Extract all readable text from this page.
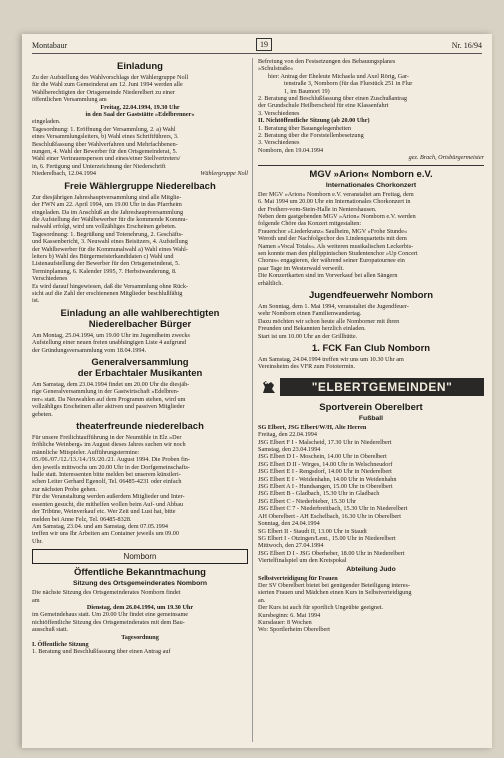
Montabaur	19	Nr. 16/94
Einladung
Zu der Aufstellung des Wahlvorschlags der Wählergruppe Noll
für die Wahl zum Gemeinderat am 12. Juni 1994 werden alle
Wahlberechtigten der Ortsgemeinde Niederelbert zu einer
öffentlichen Versammlung am
Freitag, 22.04.1994, 19.30 Uhr
in den Saal der Gaststätte »Edelbrenner«
eingeladen.
Tagesordnung: 1. Eröffnung der Versammlung, 2. a) Wahl
eines Versammlungsleiters, b) Wahl eines Schriftführers, 3.
Beschlußfassung über Wahlverfahren und Mehrfachbenen-
nungen, 4. Wahl der Bewerber für den Ortsgemeinderat, 5.
Wahl einer Vertrauensperson und eines/einer Stellvertreters/
in, 6. Fertigung und Unterzeichnung der Niederschrift
Niederelbach, 12.04.1994	Wählergruppe Noll
Freie Wählergruppe Niederelbach
Zur diesjährigen Jahreshauptversammlung sind alle Mitglie-
der FWN am 22. April 1994, um 19.00 Uhr in das Pfarrheim
eingeladen. Da im Anschluß an die Jahreshauptversammlung
die Aufstellung der Wahlbewerber für die kommende Kommu-
nalwahl erfolgt, wird um vollzähliges Erscheinen gebeten.
Tagesordnung: 1. Begrüßung und Totenehrung, 2. Geschäfts-
und Kassenbericht, 3. Neuwahl eines Beisitzers, 4. Aufstellung
der Wahlbewerber für die Kommunalwahl a) Wahl eines Wahl-
leiters b) Wahl des Bürgermeisterkandidaten c) Wahl und
Listenaufstellung der Bewerber für den Ortsgemeinderat, 5.
Terminplanung, 6. Kalender 1995, 7. Herbstwanderung, 8.
Verschiedenes
Es wird darauf hingewiesen, daß die Versammlung ohne Rück-
sicht auf die Zahl der erschienenen Mitglieder beschlußfähig
ist.
Einladung an alle wahlberechtigten
Niederelbacher Bürger
Am Montag, 25.04.1994, um 19.00 Uhr im Jugendheim zwecks
Aufstellung einer neuen freien unabhängigen Liste 4 aufgrund
der Gründungsversammlung vom 18.04.1994.
Generalversammlung
der Erbachtaler Musikanten
Am Samstag, dem 23.04.1994 findet um 20.00 Uhr die diesjäh-
rige Generalversammlung in der Gastwirtschaft »Edelbren-
ner« statt. Da Neuwahlen auf dem Programm stehen, wird um
vollzähliges Erscheinen aller aktiven und passiven Mitglieder
gebeten.
theaterfreunde niederelbach
Für unsere Freilichtaufführung in der Neumühle in Elz »Der
fröhliche Weinberg« im August dieses Jahres suchen wir noch
männliche Mitspieler. Aufführungstermine:
05./06./07./12./13./14./19./20./21. August 1994. Die Proben fin-
den jeweils mittwochs um 20.00 Uhr in der Dorfgemeinschafts-
halle statt. Interessenten bitte melden bei unserem künstleri-
schen Leiter Gerhard Egenolf, Tel. 06485-4231 oder einfach
zur nächsten Probe gehen.
Für die Veranstaltung werden außerdem Mitglieder und Inter-
essenten gesucht, die mithelfen wollen beim Auf- und Abbau
der Tribüne, Weinverkauf etc. Wer Zeit und Lust hat, bitte
melden bei Anne Felz, Tel. 06485-8328.
Am Samstag, 23.04. und am Samstag, dem 07.05.1994
treffen wir uns Ihr Arbeiten am Container jeweils um 09.00
Uhr.
Nomborn
Öffentliche Bekanntmachung
Sitzung des Ortsgemeinderates Nomborn
Die nächste Sitzung des Ortsgemeinderates Nomborn findet
am
Dienstag, dem 26.04.1994, um 19.30 Uhr
im Gemeindehaus statt. Um 20.00 Uhr findet eine gemeinsame
nichtöffentliche Sitzung des Ortsgemeinderates mit dem Bau-
ausschuß statt.
Tagesordnung
I. Öffentliche Sitzung
1. Beratung und Beschlußfassung über einen Antrag auf
Befreiung von den Festsetzungen des Bebauungsplanes
»Schulstraße«
hier: Antrag der Eheleute Michaela und Axel Rörig, Gar-
tenstraße 3, Nomborn (für das Flurstück 251 in Flur
1, im Baumort 19)
2. Beratung und Beschlußfassung über einen Zuschußantrag
der Grundschule Heilberscheid für eine Klassenfahrt
3. Verschiedenes
II. Nichtöffentliche Sitzung (ab 20.00 Uhr)
1. Beratung über Bauangelegenheiten
2. Beratung über die Forststellenbesetzung
3. Verschiedenes
Nomborn, den 19.04.1994
gez. Brach, Ortsbürgermeister
MGV »Arion« Nomborn e.V.
Internationales Chorkonzert
Der MGV »Arion« Nomborn e.V. veranstaltet am Freitag, dem
6. Mai 1994 um 20.00 Uhr ein Internationales Chorkonzert in
der Freiherr-vom-Stein-Halle in Nentershausen.
Neben dem gastgebenden MGV »Arion« Nomborn e.V. werden
folgende Chöre das Konzert mitgestalten:
Frauenchor »Liederkranz« Saulheim, MGV »Frohe Stunde«
Weroth und der Nachfolgechor des Lindenquartetts mit dem
Namen »Vocal Totals«. Als weiteren musikalischen Leckerbis-
sen konnte man den philippinischen Studentenchor »Up Concert
Chorus« engagieren, der während seiner Europatournee ein
paar Tage im Westerwald verweilt.
Die Konzertkarten sind im Vorverkauf bei allen Sängern
erhältlich.
Jugendfeuerwehr Nomborn
Am Sonntag, dem 1. Mai 1994, veranstaltet die Jugendfeuer-
wehr Nomborn einen Familienwandertag.
Dazu möchten wir schon heute alle Nomborner mit ihren
Freunden und Bekannten herzlich einladen.
Start ist um 10.00 Uhr an der Grillhütte.
1. FCK Fan Club Nomborn
Am Samstag, 24.04.1994 treffen wir uns um 10.30 Uhr am
Vereinsheim des VFR zum Fototermin.
"ELBERTGEMEINDEN"
Sportverein Oberelbert
Fußball
SG Elbert, JSG Elbert/W/H, Alte Herren
Freitag, den 22.04.1994
JSG Elbert F I - Malscheid, 17.30 Uhr in Niederelbert
Samstag, den 23.04.1994
JSG Elbert D I - Moschein, 14.00 Uhr in Oberelbert
JSG Elbert D II - Wirges, 14.00 Uhr in Welschneudorf
JSG Elbert E I - Rengsdorf, 14.00 Uhr in Niederelbert
JSG Elbert E I - Weidenhahn, 14.00 Uhr in Weidenhahn
JSG Elbert A I - Hundsangen, 15.00 Uhr in Oberelbert
JSG Elbert B - Gladbach, 15.30 Uhr in Gladbach
JSG Elbert C - Niederbieber, 15.30 Uhr
JSG Elbert C 7 - Niederbreitbach, 15.30 Uhr in Niederelbert
AH Oberelbert - AH Eschelbach, 16.30 Uhr in Oberelbert
Sonntag, den 24.04.1994
SG Elbert II - Staudt II, 13.00 Uhr in Staudt
SG Elbert I - Otzingen/Lent., 15.00 Uhr in Niederelbert
Mittwoch, den 27.04.1994
JSG Elbert D I - JSG Oberheber, 18.00 Uhr in Niederelbert
Viertelfinalspiel um den Kreispokal
Abteilung Judo
Selbstverteidigung für Frauen
Der SV Oberelbert bietet bei genügender Beteiligung interes-
sierten Frauen und Mädchen einen Kurs in Selbstverteidigung
an.
Der Kurs ist auch für sportlich Ungeübte geeignet.
Kursbeginn: 6. Mai 1994
Kursdauer: 8 Wochen
Wo: Sportlerheim Oberelbert
